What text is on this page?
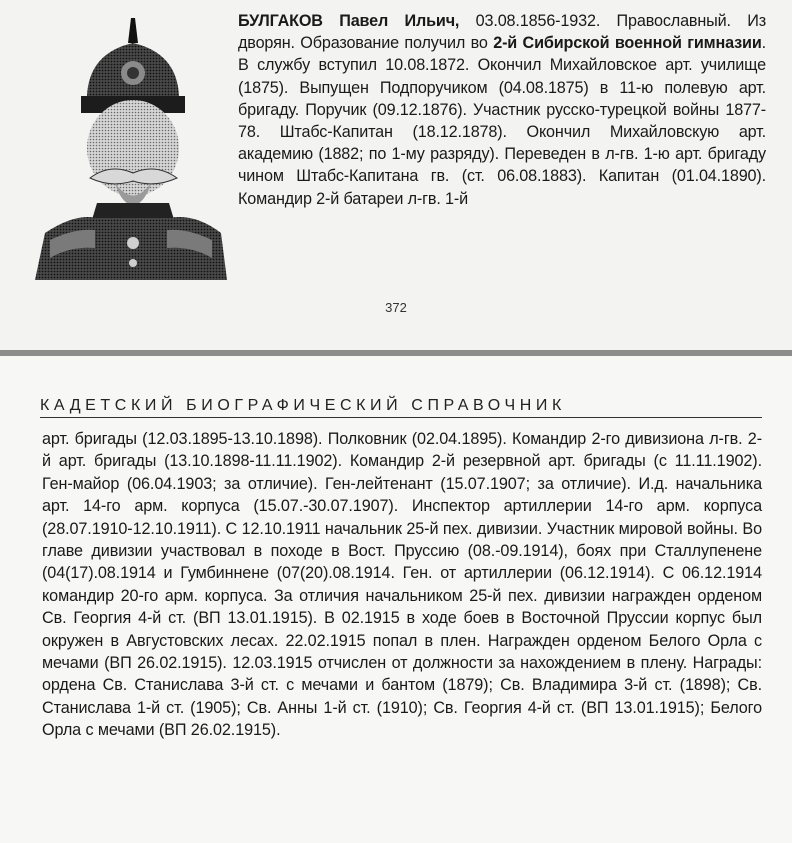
БУЛГАКОВ Павел Ильич, 03.08.1856-1932. Православный. Из дворян. Образование получил во 2-й Сибирской военной гимназии. В службу вступил 10.08.1872. Окончил Михайловское арт. училище (1875). Выпущен Подпоручиком (04.08.1875) в 11-ю полевую арт. бригаду. Поручик (09.12.1876). Участник русско-турецкой войны 1877-78. Штабс-Капитан (18.12.1878). Окончил Михайловскую арт. академию (1882; по 1-му разряду). Переведен в л-гв. 1-ю арт. бригаду чином Штабс-Капитана гв. (ст. 06.08.1883). Капитан (01.04.1890). Командир 2-й батареи л-гв. 1-й
372
КАДЕТСКИЙ БИОГРАФИЧЕСКИЙ СПРАВОЧНИК
арт. бригады (12.03.1895-13.10.1898). Полковник (02.04.1895). Командир 2-го дивизиона л-гв. 2-й арт. бригады (13.10.1898-11.11.1902). Командир 2-й резервной арт. бригады (с 11.11.1902). Ген-майор (06.04.1903; за отличие). Ген-лейтенант (15.07.1907; за отличие). И.д. начальника арт. 14-го арм. корпуса (15.07.-30.07.1907). Инспектор артиллерии 14-го арм. корпуса (28.07.1910-12.10.1911). С 12.10.1911 начальник 25-й пех. дивизии. Участник мировой войны. Во главе дивизии участвовал в походе в Вост. Пруссию (08.-09.1914), боях при Сталлупенене (04(17).08.1914 и Гумбиннене (07(20).08.1914. Ген. от артиллерии (06.12.1914). С 06.12.1914 командир 20-го арм. корпуса. За отличия начальником 25-й пех. дивизии награжден орденом Св. Георгия 4-й ст. (ВП 13.01.1915). В 02.1915 в ходе боев в Восточной Пруссии корпус был окружен в Августовских лесах. 22.02.1915 попал в плен. Награжден орденом Белого Орла с мечами (ВП 26.02.1915). 12.03.1915 отчислен от должности за нахождением в плену. Награды: ордена Св. Станислава 3-й ст. с мечами и бантом (1879); Св. Владимира 3-й ст. (1898); Св. Станислава 1-й ст. (1905); Св. Анны 1-й ст. (1910); Св. Георгия 4-й ст. (ВП 13.01.1915); Белого Орла с мечами (ВП 26.02.1915).
